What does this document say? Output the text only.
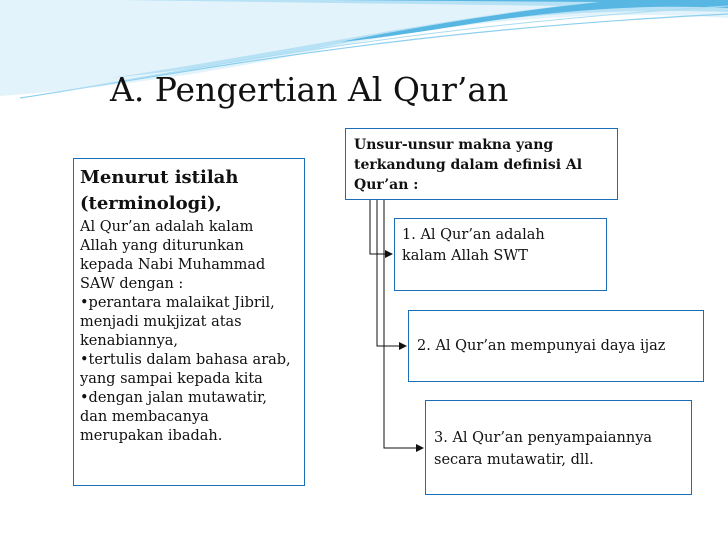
A. Pengertian Al Qur’an
Menurut istilah
(terminologi),
Al Qur’an adalah kalam
Allah yang diturunkan
kepada Nabi Muhammad
SAW dengan :
•perantara malaikat Jibril,
menjadi mukjizat atas
kenabiannya,
•tertulis dalam bahasa arab,
yang sampai kepada kita
•dengan jalan mutawatir,
dan membacanya
merupakan ibadah.
Unsur-unsur makna yang
terkandung dalam definisi Al
Qur’an :
1. Al Qur’an adalah
kalam Allah SWT
2. Al Qur’an mempunyai daya ijaz
3. Al Qur’an penyampaiannya
secara mutawatir, dll.
